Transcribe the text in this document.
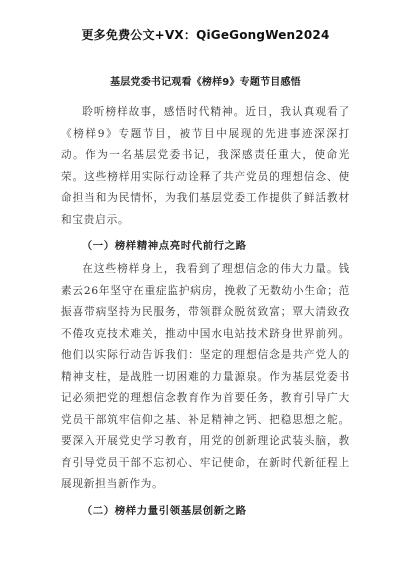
更多免费公文+VX：QiGeGongWen2024
基层党委书记观看《榜样9》专题节目感悟

聆听榜样故事，感悟时代精神。近日，我认真观看了《榜样9》专题节目，被节目中展现的先进事迹深深打动。作为一名基层党委书记，我深感责任重大，使命光荣。这些榜样用实际行动诠释了共产党员的理想信念、使命担当和为民情怀，为我们基层党委工作提供了鲜活教材和宝贵启示。

（一）榜样精神点亮时代前行之路

在这些榜样身上，我看到了理想信念的伟大力量。钱素云26年坚守在重症监护病房，挽救了无数幼小生命；范振喜带病坚持为民服务，带领群众脱贫致富；覃大清致孜不倦攻克技术难关，推动中国水电站技术跻身世界前列。他们以实际行动告诉我们：坚定的理想信念是共产党人的精神支柱，是战胜一切困难的力量源泉。作为基层党委书记必须把党的理想信念教育作为首要任务，教育引导广大党员干部筑牢信仰之基、补足精神之钙、把稳思想之舵。要深入开展党史学习教育，用党的创新理论武装头脑，教育引导党员干部不忘初心、牢记使命，在新时代新征程上展现新担当新作为。

（二）榜样力量引领基层创新之路
